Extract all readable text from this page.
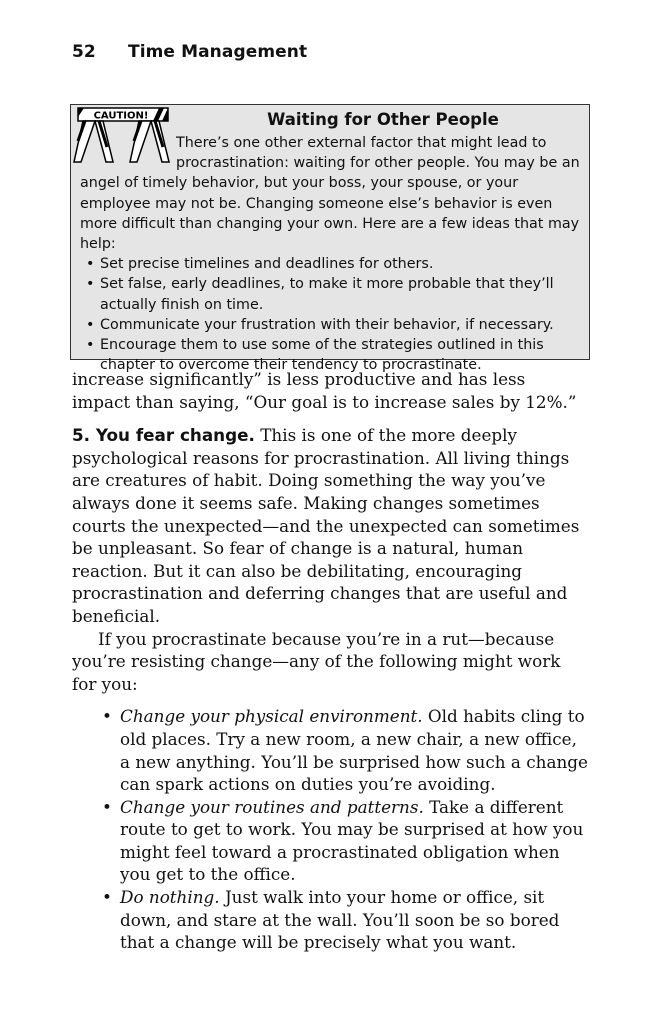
52 Time Management
CAUTION!	Waiting for Other People

There’s one other external factor that might lead to procrastination: waiting for other people. You may be an angel of timely behavior, but your boss, your spouse, or your employee may not be. Changing someone else’s behavior is even more difficult than changing your own. Here are a few ideas that may help:

• Set precise timelines and deadlines for others.
• Set false, early deadlines, to make it more probable that they’ll actually finish on time.
• Communicate your frustration with their behavior, if necessary.
• Encourage them to use some of the strategies outlined in this chapter to overcome their tendency to procrastinate.

increase significantly” is less productive and has less impact than saying, “Our goal is to increase sales by 12%.”

5. You fear change. This is one of the more deeply psychological reasons for procrastination. All living things are creatures of habit. Doing something the way you’ve always done it seems safe. Making changes sometimes courts the unexpected—and the unexpected can sometimes be unpleasant. So fear of change is a natural, human reaction. But it can also be debilitating, encouraging procrastination and deferring changes that are useful and beneficial.

If you procrastinate because you’re in a rut—because you’re resisting change—any of the following might work for you:

• Change your physical environment. Old habits cling to old places. Try a new room, a new chair, a new office, a new anything. You’ll be surprised how such a change can spark actions on duties you’re avoiding.
• Change your routines and patterns. Take a different route to get to work. You may be surprised at how you might feel toward a procrastinated obligation when you get to the office.
• Do nothing. Just walk into your home or office, sit down, and stare at the wall. You’ll soon be so bored that a change will be precisely what you want.
